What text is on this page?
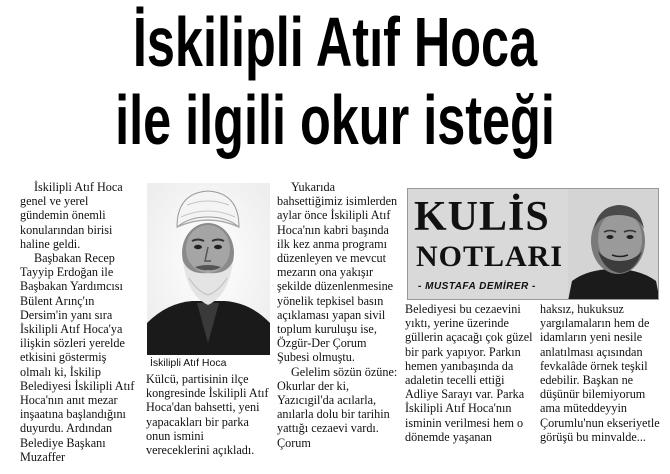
İskilipli Atıf Hoca
ile ilgili okur isteği

İskilipli Atıf Hoca genel ve yerel gündemin önemli konularından birisi haline geldi.

Başbakan Recep Tayyip Erdoğan ile Başbakan Yardımcısı Bülent Arınç'ın Dersim'in yanı sıra İskilipli Atıf Hoca'ya ilişkin sözleri yerelde etkisini göstermiş olmalı ki, İskilip Belediyesi İskilipli Atıf Hoca'nın anıt mezar inşaatına başlandığını duyurdu. Ardından Belediye Başkanı Muzaffer

İskilipli Atıf Hoca

Külcü, partisinin ilçe kongresinde İskilipli Atıf Hoca'dan bahsetti, yeni yapacakları bir parka onun ismini vereceklerini açıkladı.

Yukarıda bahsettiğimiz isimlerden aylar önce İskilipli Atıf Hoca'nın kabri başında ilk kez anma programı düzenleyen ve mevcut mezarın ona yakışır şekilde düzenlenmesine yönelik tepkisel basın açıklaması yapan sivil toplum kuruluşu ise, Özgür-Der Çorum Şubesi olmuştu.

Gelelim sözün özüne: Okurlar der ki, Yazıcıgil'da acılarla, anılarla dolu bir tarihin yattığı cezaevi vardı. Çorum

KULİS
NOTLARI
- MUSTAFA DEMİRER -

Belediyesi bu cezaevini yıktı, yerine üzerinde güllerin açacağı çok güzel bir park yapıyor. Parkın hemen yanıbaşında da adaletin tecelli ettiği Adliye Sarayı var. Parka İskilipli Atıf Hoca'nın isminin verilmesi hem o dönemde yaşanan

haksız, hukuksuz yargılamaların hem de idamların yeni nesile anlatılması açısından fevkalâde örnek teşkil edebilir. Başkan ne düşünür bilemiyorum ama müteddeyyin Çorumlu'nun ekseriyetle görüşü bu minvalde...
